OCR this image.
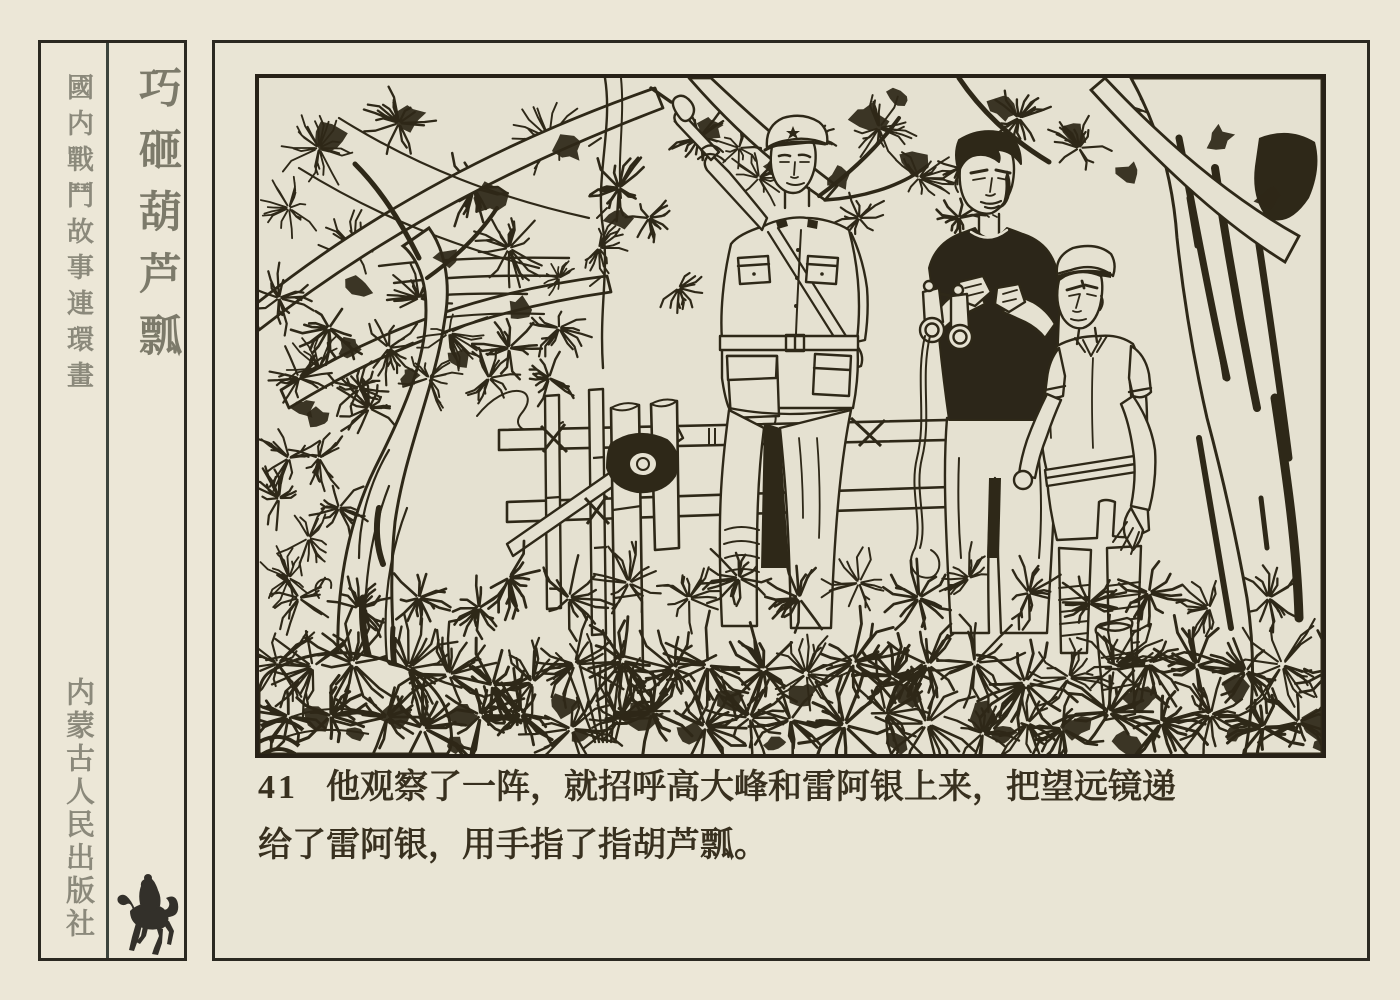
國内戰鬥故事連環畫 巧砸葫芦瓢
内蒙古人民出版社	41 他观察了一阵，就招呼高大峰和雷阿银上来，把望远镜递
给了雷阿银，用手指了指胡芦瓢。
